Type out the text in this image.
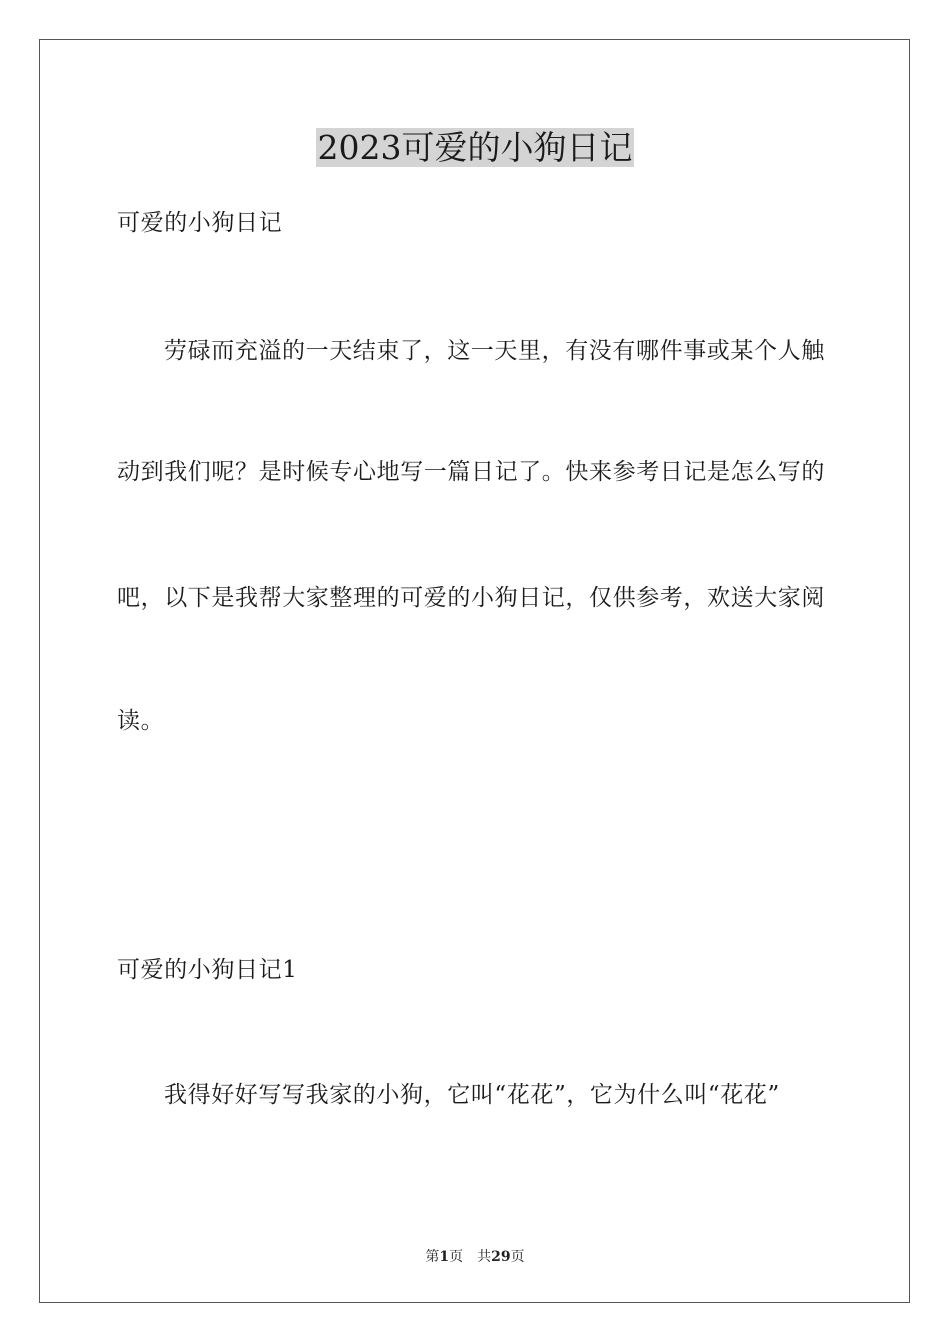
2023可爱的小狗日记
可爱的小狗日记
劳碌而充溢的一天结束了，这一天里，有没有哪件事或某个人触
动到我们呢？是时候专心地写一篇日记了。快来参考日记是怎么写的
吧，以下是我帮大家整理的可爱的小狗日记，仅供参考，欢送大家阅
读。
可爱的小狗日记1
我得好好写写我家的小狗，它叫“花花”，它为什么叫“花花”
第1页 共29页
